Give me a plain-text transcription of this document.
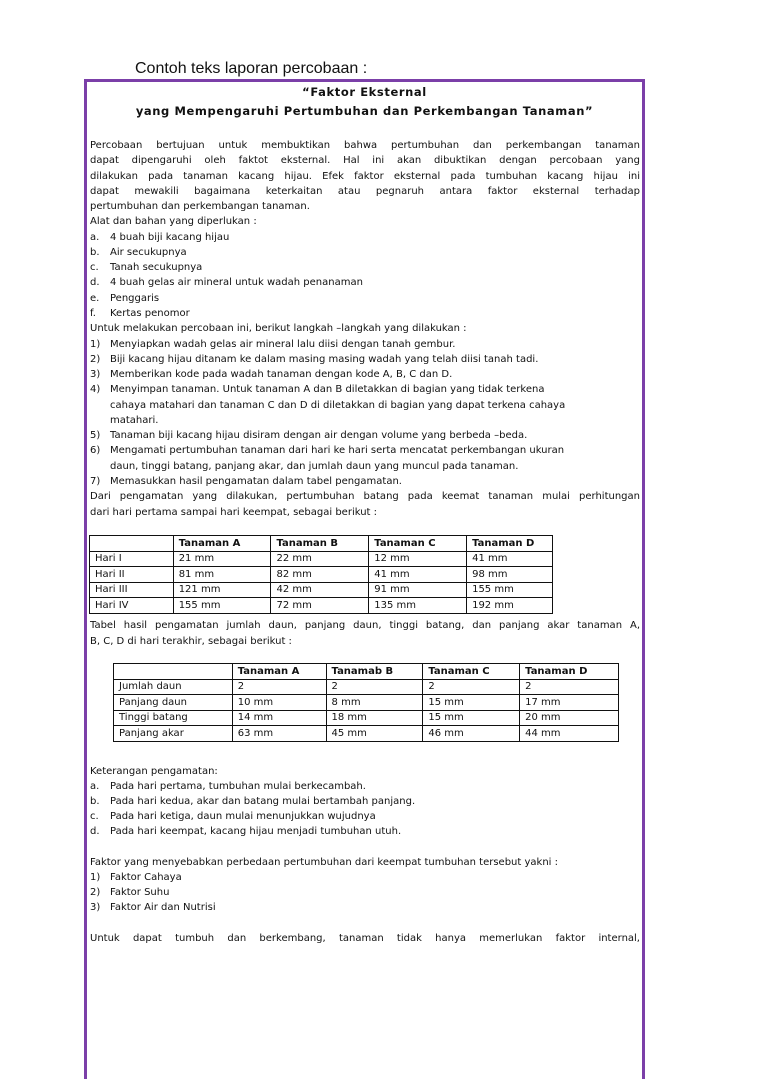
Contoh teks laporan percobaan :
“Faktor Eksternal
yang Mempengaruhi Pertumbuhan dan Perkembangan Tanaman”
Percobaan bertujuan untuk membuktikan bahwa pertumbuhan dan perkembangan tanaman
dapat dipengaruhi oleh faktot eksternal. Hal ini akan dibuktikan dengan percobaan yang
dilakukan pada tanaman kacang hijau. Efek faktor eksternal pada tumbuhan kacang hijau ini
dapat mewakili bagaimana keterkaitan atau pegnaruh antara faktor eksternal terhadap
pertumbuhan dan perkembangan tanaman.
Alat dan bahan yang diperlukan :
a. 4 buah biji kacang hijau
b. Air secukupnya
c. Tanah secukupnya
d. 4 buah gelas air mineral untuk wadah penanaman
e. Penggaris
f. Kertas penomor
Untuk melakukan percobaan ini, berikut langkah –langkah yang dilakukan :
1) Menyiapkan wadah gelas air mineral lalu diisi dengan tanah gembur.
2) Biji kacang hijau ditanam ke dalam masing masing wadah yang telah diisi tanah tadi.
3) Memberikan kode pada wadah tanaman dengan kode A, B, C dan D.
4) Menyimpan tanaman. Untuk tanaman A dan B diletakkan di bagian yang tidak terkena
cahaya matahari dan tanaman C dan D di diletakkan di bagian yang dapat terkena cahaya
matahari.
5) Tanaman biji kacang hijau disiram dengan air dengan volume yang berbeda –beda.
6) Mengamati pertumbuhan tanaman dari hari ke hari serta mencatat perkembangan ukuran
daun, tinggi batang, panjang akar, dan jumlah daun yang muncul pada tanaman.
7) Memasukkan hasil pengamatan dalam tabel pengamatan.
Dari pengamatan yang dilakukan, pertumbuhan batang pada keemat tanaman mulai perhitungan
dari hari pertama sampai hari keempat, sebagai berikut :
	Tanaman A	Tanaman B	Tanaman C	Tanaman D
Hari I	21 mm	22 mm	12 mm	41 mm
Hari II	81 mm	82 mm	41 mm	98 mm
Hari III	121 mm	42 mm	91 mm	155 mm
Hari IV	155 mm	72 mm	135 mm	192 mm
Tabel hasil pengamatan jumlah daun, panjang daun, tinggi batang, dan panjang akar tanaman A,
B, C, D di hari terakhir, sebagai berikut :
	Tanaman A	Tanamab B	Tanaman C	Tanaman D
Jumlah daun	2	2	2	2
Panjang daun	10 mm	8 mm	15 mm	17 mm
Tinggi batang	14 mm	18 mm	15 mm	20 mm
Panjang akar	63 mm	45 mm	46 mm	44 mm
Keterangan pengamatan:
a. Pada hari pertama, tumbuhan mulai berkecambah.
b. Pada hari kedua, akar dan batang mulai bertambah panjang.
c. Pada hari ketiga, daun mulai menunjukkan wujudnya
d. Pada hari keempat, kacang hijau menjadi tumbuhan utuh.
Faktor yang menyebabkan perbedaan pertumbuhan dari keempat tumbuhan tersebut yakni :
1) Faktor Cahaya
2) Faktor Suhu
3) Faktor Air dan Nutrisi
Untuk dapat tumbuh dan berkembang, tanaman tidak hanya memerlukan faktor internal,
